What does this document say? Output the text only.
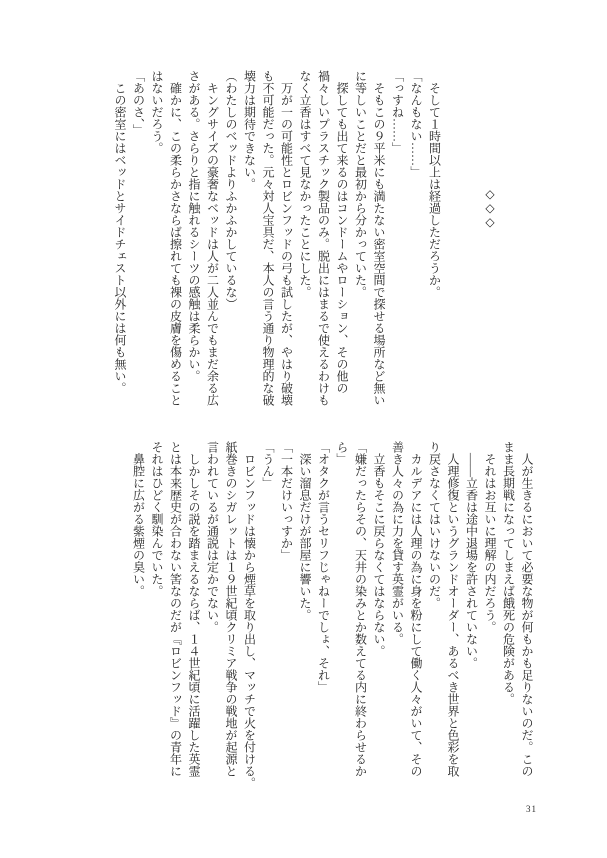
◇◇◇
そして１時間以上は経過しただろうか。
「なんもない……」
「っすね……」
そもこの９平米にも満たない密室空間で探せる場所など無い
に等しいことだと最初から分かっていた。
探しても出て来るのはコンドームやローション、その他の
禍々しいプラスチック製品のみ。脱出にはまるで使えるわけも
なく立香はすべて見なかったことにした。
万が一の可能性とロビンフッドの弓も試したが、やはり破壊
も不可能だった。元々対人宝具だ、本人の言う通り物理的な破
壊力は期待できない。
（わたしのベッドよりふかふかしているな）
キングサイズの豪奢なベッドは人が二人並んでもまだ余る広
さがある。さらりと指に触れるシーツの感触は柔らかい。
確かに、この柔らかさならば擦れても裸の皮膚を傷めること
はないだろう。
「あのさ、」
この密室にはベッドとサイドチェスト以外には何も無い。
人が生きるにおいて必要な物が何もかも足りないのだ。この
まま長期戦になってしまえば餓死の危険がある。
それはお互いに理解の内だろう。
――立香は途中退場を許されていない。
人理修復というグランドオーダー、あるべき世界と色彩を取
り戻さなくてはいけないのだ。
カルデアには人理の為に身を粉にして働く人々がいて、その
善き人々の為に力を貸す英霊がいる。
立香もそこに戻らなくてはならない。
「嫌だったらその、天井の染みとか数えてる内に終わらせるか
ら」
「オタクが言うセリフじゃねーでしょ、それ」
深い溜息だけが部屋に響いた。
「一本だけいっすか」
「うん」
ロビンフッドは懐から煙草を取り出し、マッチで火を付ける。
紙巻きのシガレットは１９世紀頃クリミア戦争の戦地が起源と
言われているが通説は定かでない。
しかしその説を踏まえるならば、１４世紀頃に活躍した英霊
とは本来歴史が合わない筈なのだが『ロビンフッド』の青年に
それはひどく馴染んでいた。
鼻腔に広がる紫煙の臭い。
31
